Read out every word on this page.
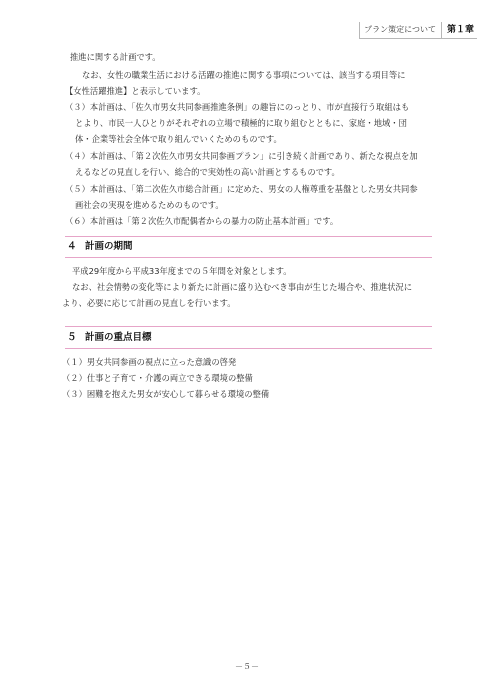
プラン策定について	第１章
推進に関する計画です。
なお、女性の職業生活における活躍の推進に関する事項については、該当する項目等に
【女性活躍推進】と表示しています。
（３）本計画は、「佐久市男女共同参画推進条例」の趣旨にのっとり、市が直接行う取組はも
とより、市民一人ひとりがそれぞれの立場で積極的に取り組むとともに、家庭・地域・団
体・企業等社会全体で取り組んでいくためのものです。
（４）本計画は、「第２次佐久市男女共同参画プラン」に引き続く計画であり、新たな視点を加
えるなどの見直しを行い、総合的で実効性の高い計画とするものです。
（５）本計画は、「第二次佐久市総合計画」に定めた、男女の人権尊重を基盤とした男女共同参
画社会の実現を進めるためのものです。
（６）本計画は「第２次佐久市配偶者からの暴力の防止基本計画」です。
４ 計画の期間
平成29年度から平成33年度までの５年間を対象とします。
なお、社会情勢の変化等により新たに計画に盛り込むべき事由が生じた場合や、推進状況に
より、必要に応じて計画の見直しを行います。
５ 計画の重点目標
（１）男女共同参画の視点に立った意識の啓発
（２）仕事と子育て・介護の両立できる環境の整備
（３）困難を抱えた男女が安心して暮らせる環境の整備
－５－
